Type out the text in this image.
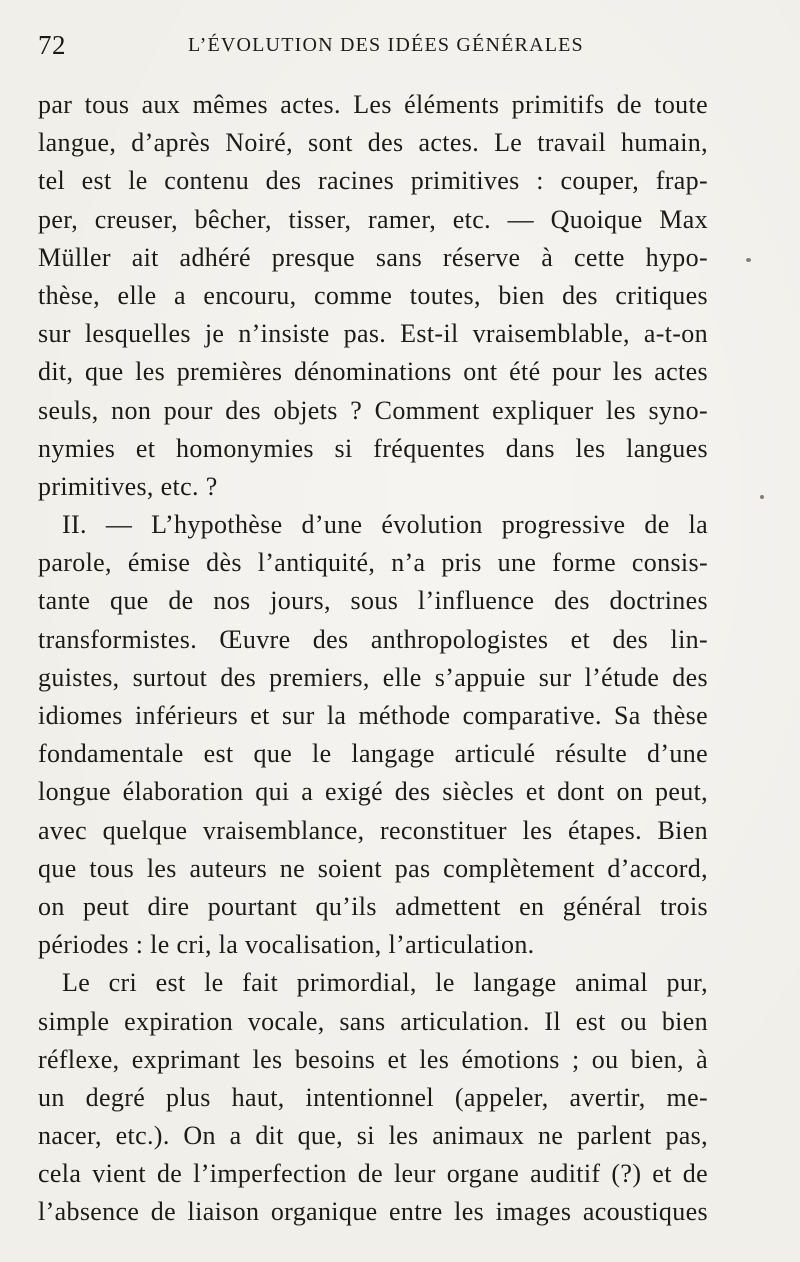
72	L’ÉVOLUTION DES IDÉES GÉNÉRALES
par tous aux mêmes actes. Les éléments primitifs de toute
langue, d’après Noiré, sont des actes. Le travail humain,
tel est le contenu des racines primitives : couper, frap-
per, creuser, bêcher, tisser, ramer, etc. — Quoique Max
Müller ait adhéré presque sans réserve à cette hypo-
thèse, elle a encouru, comme toutes, bien des critiques
sur lesquelles je n’insiste pas. Est-il vraisemblable, a-t-on
dit, que les premières dénominations ont été pour les actes
seuls, non pour des objets ? Comment expliquer les syno-
nymies et homonymies si fréquentes dans les langues
primitives, etc. ?
II. — L’hypothèse d’une évolution progressive de la
parole, émise dès l’antiquité, n’a pris une forme consis-
tante que de nos jours, sous l’influence des doctrines
transformistes. Œuvre des anthropologistes et des lin-
guistes, surtout des premiers, elle s’appuie sur l’étude des
idiomes inférieurs et sur la méthode comparative. Sa thèse
fondamentale est que le langage articulé résulte d’une
longue élaboration qui a exigé des siècles et dont on peut,
avec quelque vraisemblance, reconstituer les étapes. Bien
que tous les auteurs ne soient pas complètement d’accord,
on peut dire pourtant qu’ils admettent en général trois
périodes : le cri, la vocalisation, l’articulation.
Le cri est le fait primordial, le langage animal pur,
simple expiration vocale, sans articulation. Il est ou bien
réflexe, exprimant les besoins et les émotions ; ou bien, à
un degré plus haut, intentionnel (appeler, avertir, me-
nacer, etc.). On a dit que, si les animaux ne parlent pas,
cela vient de l’imperfection de leur organe auditif (?) et de
l’absence de liaison organique entre les images acoustiques
